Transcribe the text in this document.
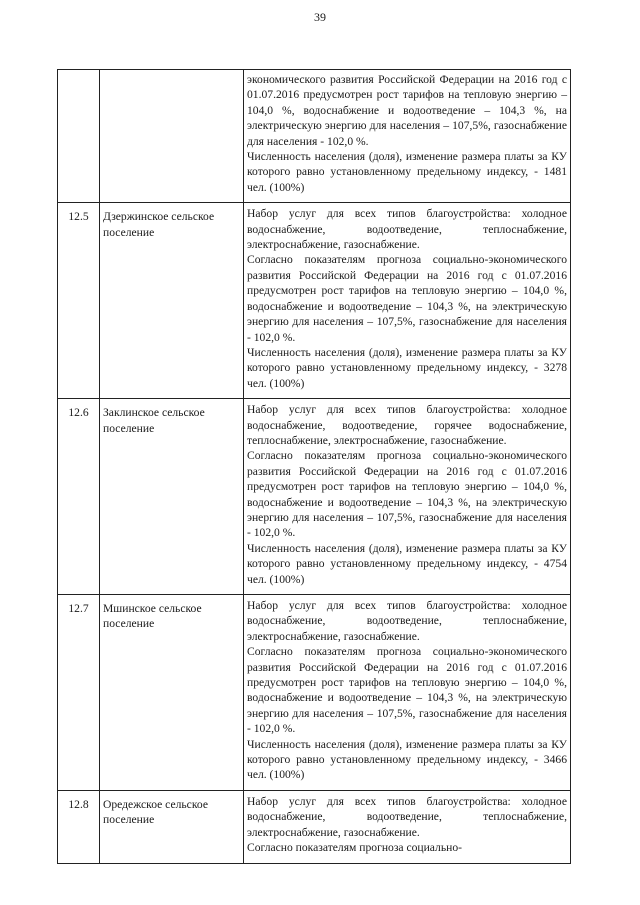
39

		экономического развития Российской Федерации на 2016 год с 01.07.2016 предусмотрен рост тарифов на тепловую энергию – 104,0 %, водоснабжение и водоотведение – 104,3 %, на электрическую энергию для населения – 107,5%, газоснабжение для населения - 102,0 %.

Численность населения (доля), изменение размера платы за КУ которого равно установленному предельному индексу, - 1481 чел. (100%)

12.5	Дзержинское сельское поселение	Набор услуг для всех типов благоустройства: холодное водоснабжение, водоотведение, теплоснабжение, электроснабжение, газоснабжение.

Согласно показателям прогноза социально-экономического развития Российской Федерации на 2016 год с 01.07.2016 предусмотрен рост тарифов на тепловую энергию – 104,0 %, водоснабжение и водоотведение – 104,3 %, на электрическую энергию для населения – 107,5%, газоснабжение для населения - 102,0 %.

Численность населения (доля), изменение размера платы за КУ которого равно установленному предельному индексу, - 3278 чел. (100%)

12.6	Заклинское сельское поселение	Набор услуг для всех типов благоустройства: холодное водоснабжение, водоотведение, горячее водоснабжение, теплоснабжение, электроснабжение, газоснабжение.

Согласно показателям прогноза социально-экономического развития Российской Федерации на 2016 год с 01.07.2016 предусмотрен рост тарифов на тепловую энергию – 104,0 %, водоснабжение и водоотведение – 104,3 %, на электрическую энергию для населения – 107,5%, газоснабжение для населения - 102,0 %.

Численность населения (доля), изменение размера платы за КУ которого равно установленному предельному индексу, - 4754 чел. (100%)

12.7	Мшинское сельское поселение	Набор услуг для всех типов благоустройства: холодное водоснабжение, водоотведение, теплоснабжение, электроснабжение, газоснабжение.

Согласно показателям прогноза социально-экономического развития Российской Федерации на 2016 год с 01.07.2016 предусмотрен рост тарифов на тепловую энергию – 104,0 %, водоснабжение и водоотведение – 104,3 %, на электрическую энергию для населения – 107,5%, газоснабжение для населения - 102,0 %.

Численность населения (доля), изменение размера платы за КУ которого равно установленному предельному индексу, - 3466 чел. (100%)

12.8	Оредежское сельское поселение	Набор услуг для всех типов благоустройства: холодное водоснабжение, водоотведение, теплоснабжение, электроснабжение, газоснабжение.

Согласно показателям прогноза социально-
